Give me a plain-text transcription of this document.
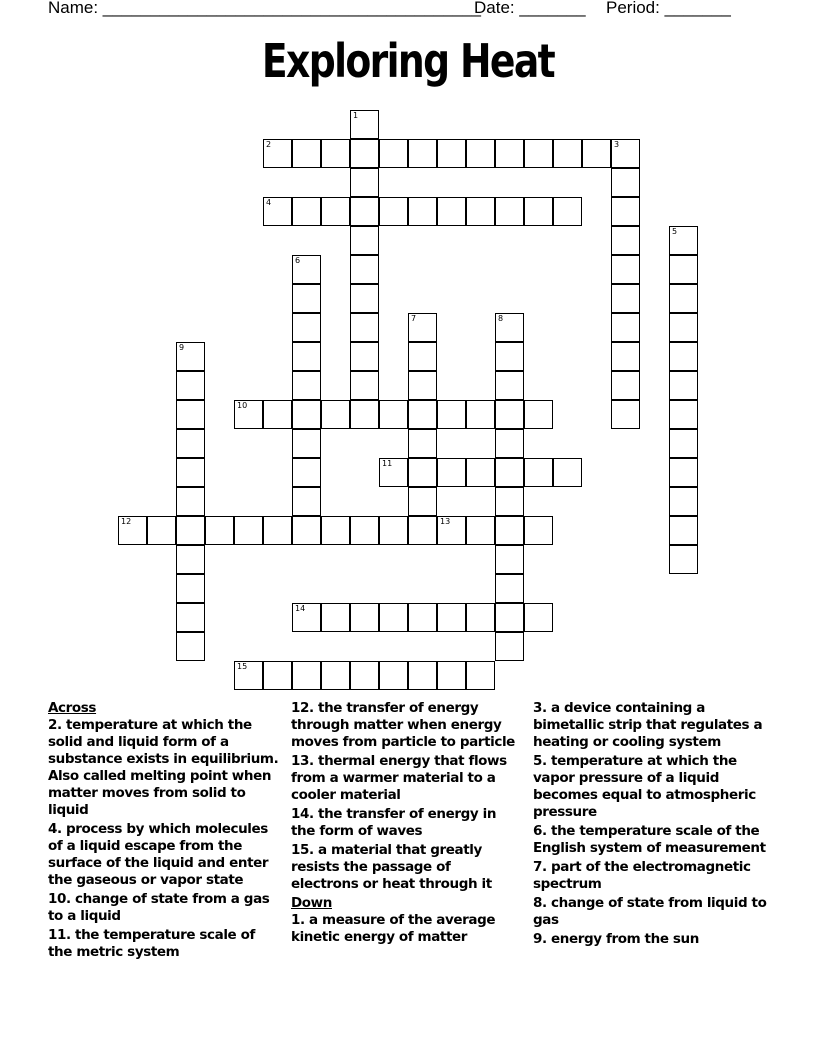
Name: ________________________________________
Date: _______ Period: _______
Exploring Heat
1
2	3
4
5
6
7	8
9
10
11
12	13
14
15
Across
2. temperature at which the solid and liquid form of a substance exists in equilibrium. Also called melting point when matter moves from solid to liquid
4. process by which molecules of a liquid escape from the surface of the liquid and enter the gaseous or vapor state
10. change of state from a gas to a liquid
11. the temperature scale of the metric system
12. the transfer of energy through matter when energy moves from particle to particle
13. thermal energy that flows from a warmer material to a cooler material
14. the transfer of energy in the form of waves
15. a material that greatly resists the passage of electrons or heat through it
Down
1. a measure of the average kinetic energy of matter
3. a device containing a bimetallic strip that regulates a heating or cooling system
5. temperature at which the vapor pressure of a liquid becomes equal to atmospheric pressure
6. the temperature scale of the English system of measurement
7. part of the electromagnetic spectrum
8. change of state from liquid to gas
9. energy from the sun
